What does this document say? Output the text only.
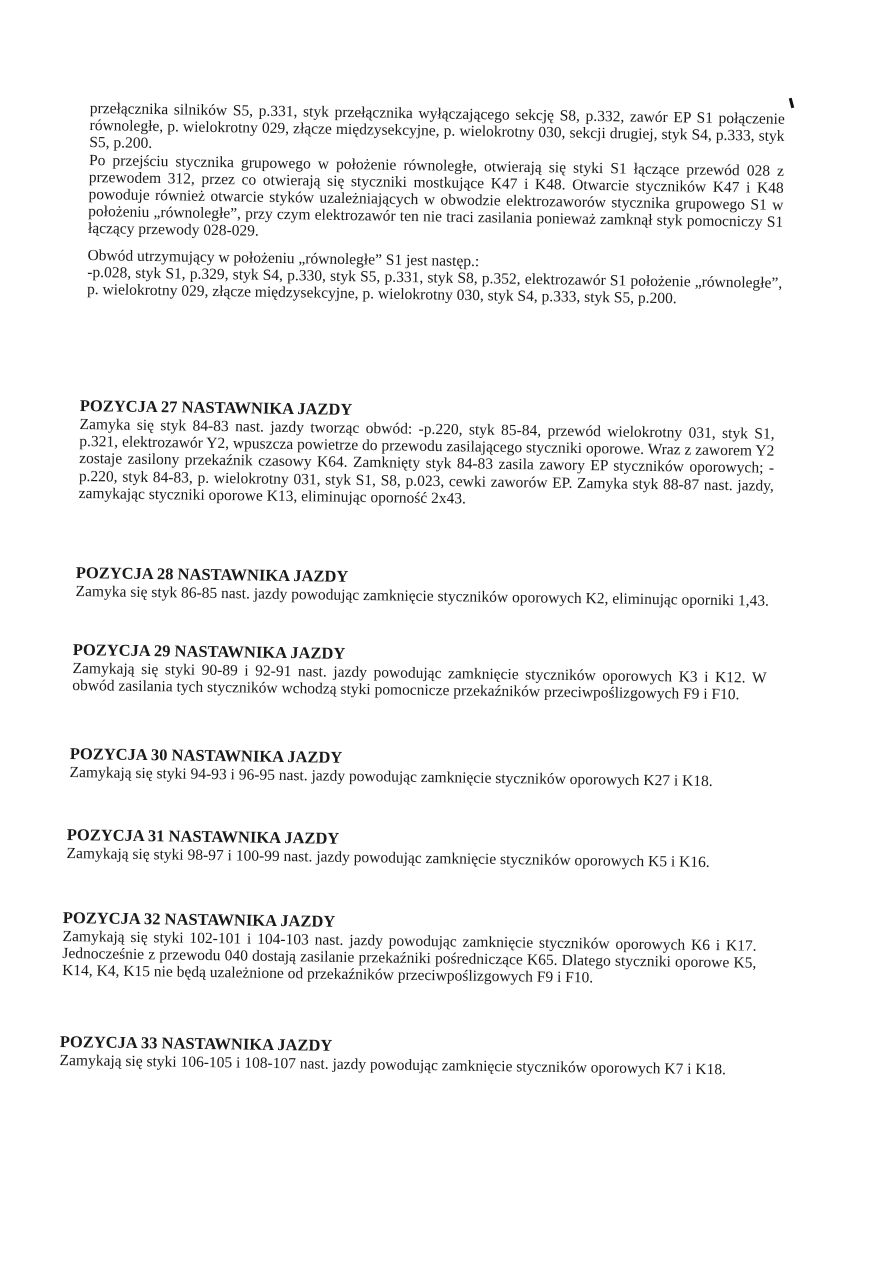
przełącznika silników S5, p.331, styk przełącznika wyłączającego sekcję S8, p.332, zawór EP S1 połączenie równoległe, p. wielokrotny 029, złącze międzysekcyjne, p. wielokrotny 030, sekcji drugiej, styk S4, p.333, styk S5, p.200.

Po przejściu stycznika grupowego w położenie równoległe, otwierają się styki S1 łączące przewód 028 z przewodem 312, przez co otwierają się styczniki mostkujące K47 i K48. Otwarcie styczników K47 i K48 powoduje również otwarcie styków uzależniających w obwodzie elektrozaworów stycznika grupowego S1 w położeniu „równoległe”, przy czym elektrozawór ten nie traci zasilania ponieważ zamknął styk pomocniczy S1 łączący przewody 028-029.

Obwód utrzymujący w położeniu „równoległe” S1 jest następ.:

-p.028, styk S1, p.329, styk S4, p.330, styk S5, p.331, styk S8, p.352, elektrozawór S1 położenie „równoległe”, p. wielokrotny 029, złącze międzysekcyjne, p. wielokrotny 030, styk S4, p.333, styk S5, p.200.

POZYCJA 27 NASTAWNIKA JAZDY

Zamyka się styk 84-83 nast. jazdy tworząc obwód: -p.220, styk 85-84, przewód wielokrotny 031, styk S1, p.321, elektrozawór Y2, wpuszcza powietrze do przewodu zasilającego styczniki oporowe. Wraz z zaworem Y2 zostaje zasilony przekaźnik czasowy K64. Zamknięty styk 84-83 zasila zawory EP styczników oporowych; -p.220, styk 84-83, p. wielokrotny 031, styk S1, S8, p.023, cewki zaworów EP. Zamyka styk 88-87 nast. jazdy, zamykając styczniki oporowe K13, eliminując oporność 2x43.

POZYCJA 28 NASTAWNIKA JAZDY

Zamyka się styk 86-85 nast. jazdy powodując zamknięcie styczników oporowych K2, eliminując oporniki 1,43.

POZYCJA 29 NASTAWNIKA JAZDY

Zamykają się styki 90-89 i 92-91 nast. jazdy powodując zamknięcie styczników oporowych K3 i K12. W obwód zasilania tych styczników wchodzą styki pomocnicze przekaźników przeciwpoślizgowych F9 i F10.

POZYCJA 30 NASTAWNIKA JAZDY

Zamykają się styki 94-93 i 96-95 nast. jazdy powodując zamknięcie styczników oporowych K27 i K18.

POZYCJA 31 NASTAWNIKA JAZDY

Zamykają się styki 98-97 i 100-99 nast. jazdy powodując zamknięcie styczników oporowych K5 i K16.

POZYCJA 32 NASTAWNIKA JAZDY

Zamykają się styki 102-101 i 104-103 nast. jazdy powodując zamknięcie styczników oporowych K6 i K17. Jednocześnie z przewodu 040 dostają zasilanie przekaźniki pośredniczące K65. Dlatego styczniki oporowe K5, K14, K4, K15 nie będą uzależnione od przekaźników przeciwpoślizgowych F9 i F10.

POZYCJA 33 NASTAWNIKA JAZDY

Zamykają się styki 106-105 i 108-107 nast. jazdy powodując zamknięcie styczników oporowych K7 i K18.
